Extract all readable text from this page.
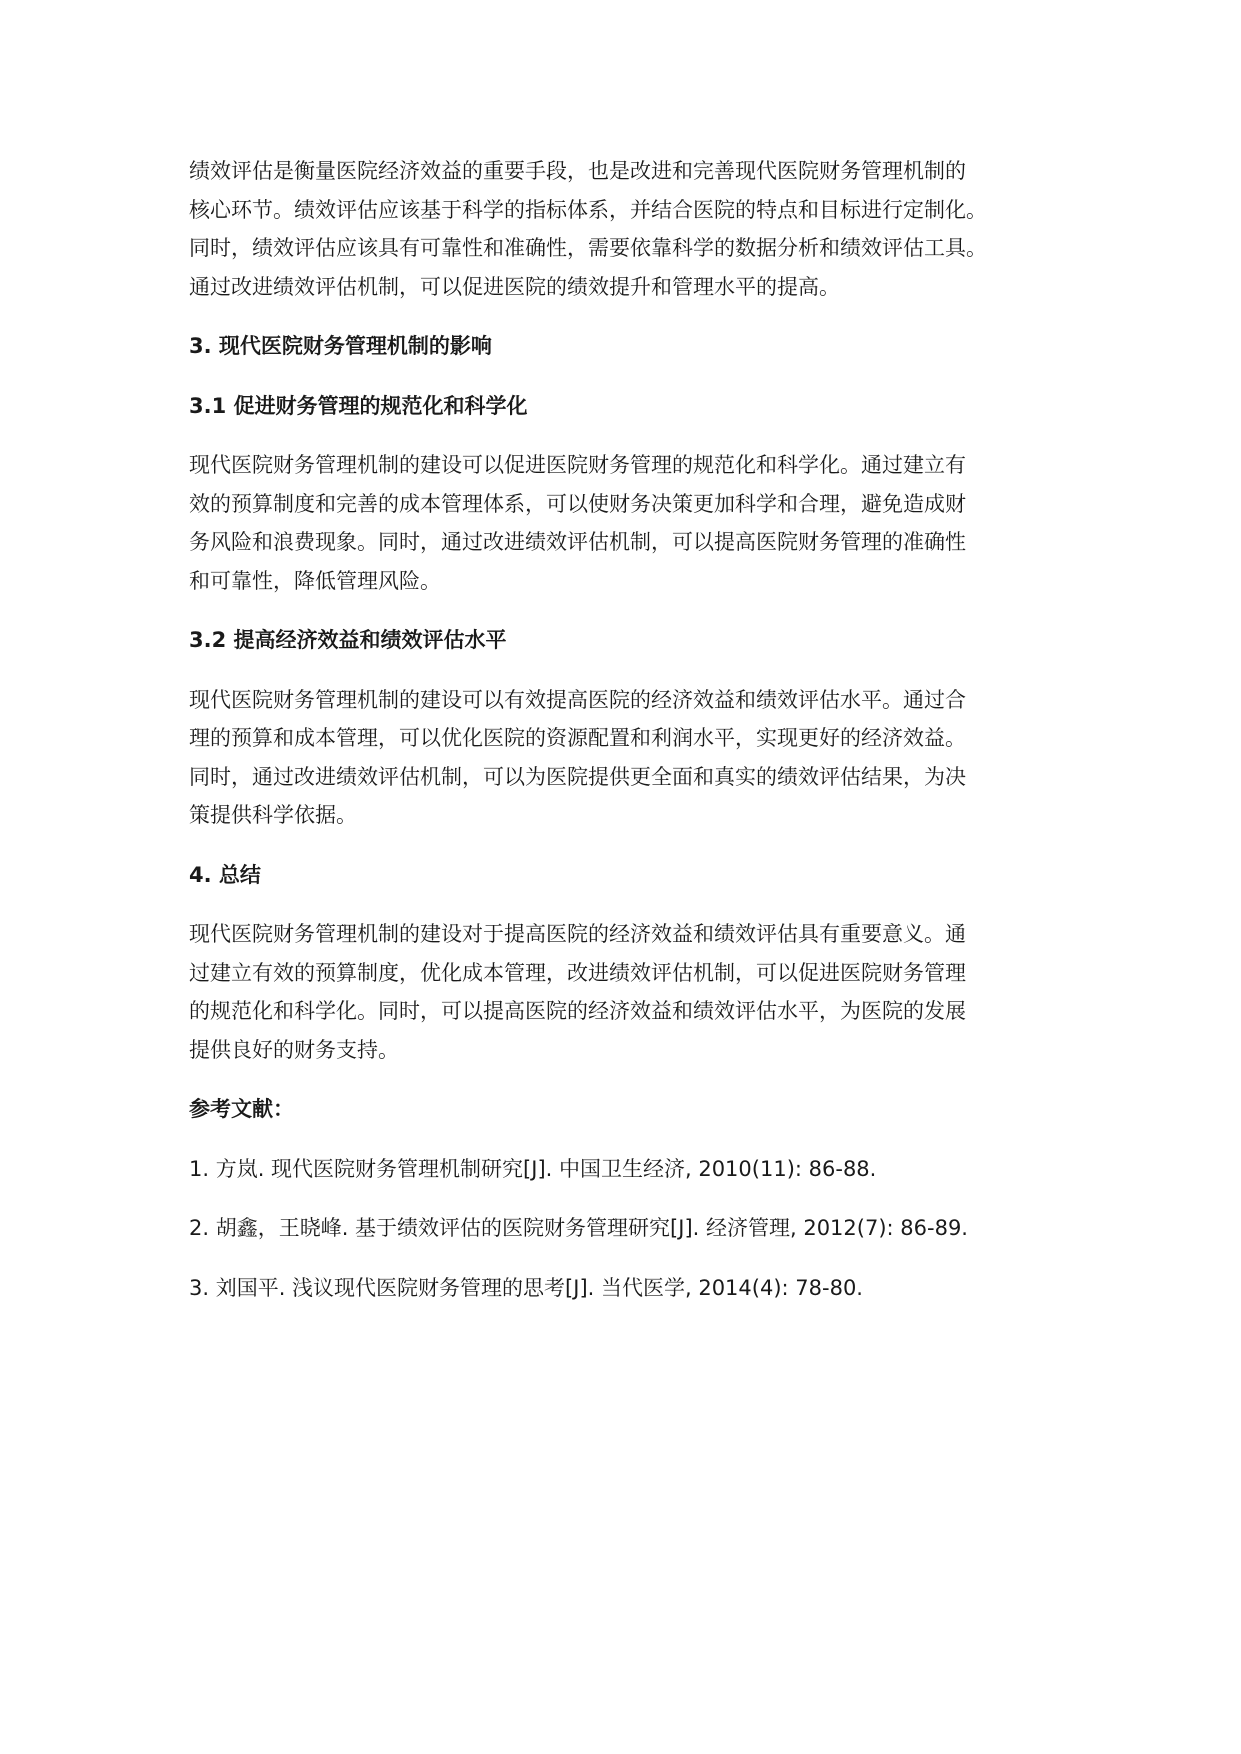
绩效评估是衡量医院经济效益的重要手段，也是改进和完善现代医院财务管理机制的
核心环节。绩效评估应该基于科学的指标体系，并结合医院的特点和目标进行定制化。
同时，绩效评估应该具有可靠性和准确性，需要依靠科学的数据分析和绩效评估工具。
通过改进绩效评估机制，可以促进医院的绩效提升和管理水平的提高。

3. 现代医院财务管理机制的影响
3.1 促进财务管理的规范化和科学化

现代医院财务管理机制的建设可以促进医院财务管理的规范化和科学化。通过建立有
效的预算制度和完善的成本管理体系，可以使财务决策更加科学和合理，避免造成财
务风险和浪费现象。同时，通过改进绩效评估机制，可以提高医院财务管理的准确性
和可靠性，降低管理风险。

3.2 提高经济效益和绩效评估水平

现代医院财务管理机制的建设可以有效提高医院的经济效益和绩效评估水平。通过合
理的预算和成本管理，可以优化医院的资源配置和利润水平，实现更好的经济效益。
同时，通过改进绩效评估机制，可以为医院提供更全面和真实的绩效评估结果，为决
策提供科学依据。

4. 总结

现代医院财务管理机制的建设对于提高医院的经济效益和绩效评估具有重要意义。通
过建立有效的预算制度，优化成本管理，改进绩效评估机制，可以促进医院财务管理
的规范化和科学化。同时，可以提高医院的经济效益和绩效评估水平，为医院的发展
提供良好的财务支持。

参考文献：

1. 方岚. 现代医院财务管理机制研究[J]. 中国卫生经济, 2010(11): 86-88.

2. 胡鑫，王晓峰. 基于绩效评估的医院财务管理研究[J]. 经济管理, 2012(7): 86-89.

3. 刘国平. 浅议现代医院财务管理的思考[J]. 当代医学, 2014(4): 78-80.
